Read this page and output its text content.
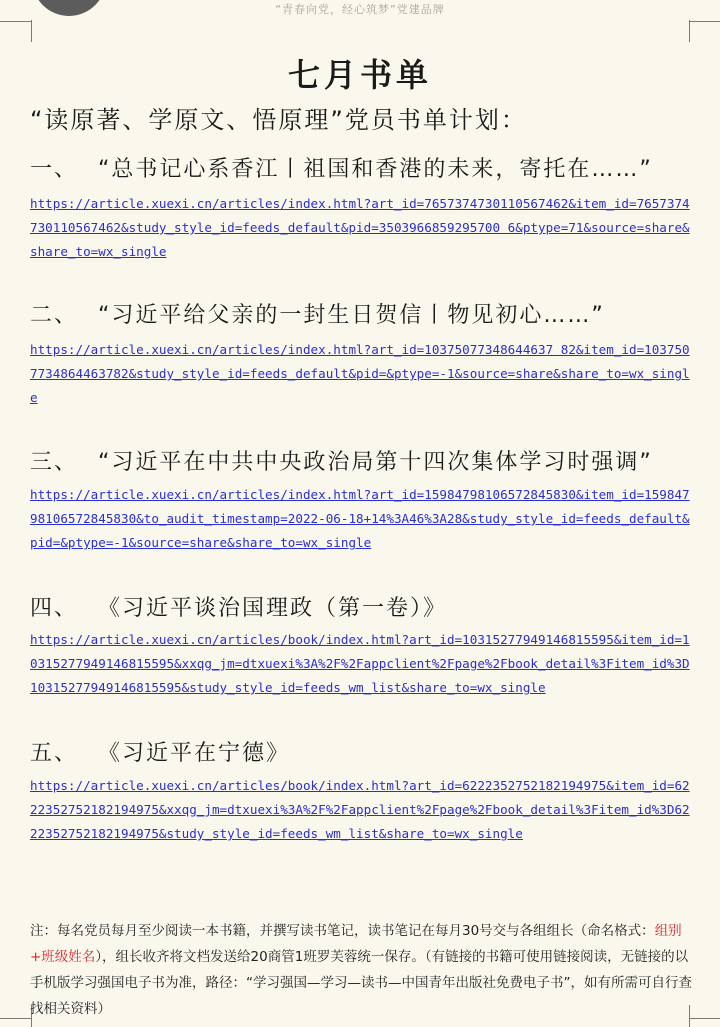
“青春向党，经心筑梦”党建品牌
七月书单
“读原著、学原文、悟原理”党员书单计划：
一、 “总书记心系香江丨祖国和香港的未来，寄托在……”
https://article.xuexi.cn/articles/index.html?art_id=7657374730110567462&item_id=7657374730110567462&study_style_id=feeds_default&pid=3503966859295700 6&ptype=71&source=share&share_to=wx_single
二、 “习近平给父亲的一封生日贺信丨物见初心……”
https://article.xuexi.cn/articles/index.html?art_id=10375077348644637 82&item_id=1037507734864463782&study_style_id=feeds_default&pid=&ptype=-1&source=share&share_to=wx_single
三、 “习近平在中共中央政治局第十四次集体学习时强调”
https://article.xuexi.cn/articles/index.html?art_id=15984798106572845830&item_id=15984798106572845830&to_audit_timestamp=2022-06-18+14%3A46%3A28&study_style_id=feeds_default&pid=&ptype=-1&source=share&share_to=wx_single
四、 《习近平谈治国理政（第一卷）》
https://article.xuexi.cn/articles/book/index.html?art_id=10315277949146815595&item_id=10315277949146815595&xxqg_jm=dtxuexi%3A%2F%2Fappclient%2Fpage%2Fbook_detail%3Fitem_id%3D10315277949146815595&study_style_id=feeds_wm_list&share_to=wx_single
五、 《习近平在宁德》
https://article.xuexi.cn/articles/book/index.html?art_id=6222352752182194975&item_id=6222352752182194975&xxqg_jm=dtxuexi%3A%2F%2Fappclient%2Fpage%2Fbook_detail%3Fitem_id%3D6222352752182194975&study_style_id=feeds_wm_list&share_to=wx_single
注：每名党员每月至少阅读一本书籍，并撰写读书笔记，读书笔记在每月30号交与各组组长（命名格式：组别+班级姓名），组长收齐将文档发送给20商管1班罗芙蓉统一保存。（有链接的书籍可使用链接阅读，无链接的以手机版学习强国电子书为准，路径：“学习强国—学习—读书—中国青年出版社免费电子书”，如有所需可自行查找相关资料）
